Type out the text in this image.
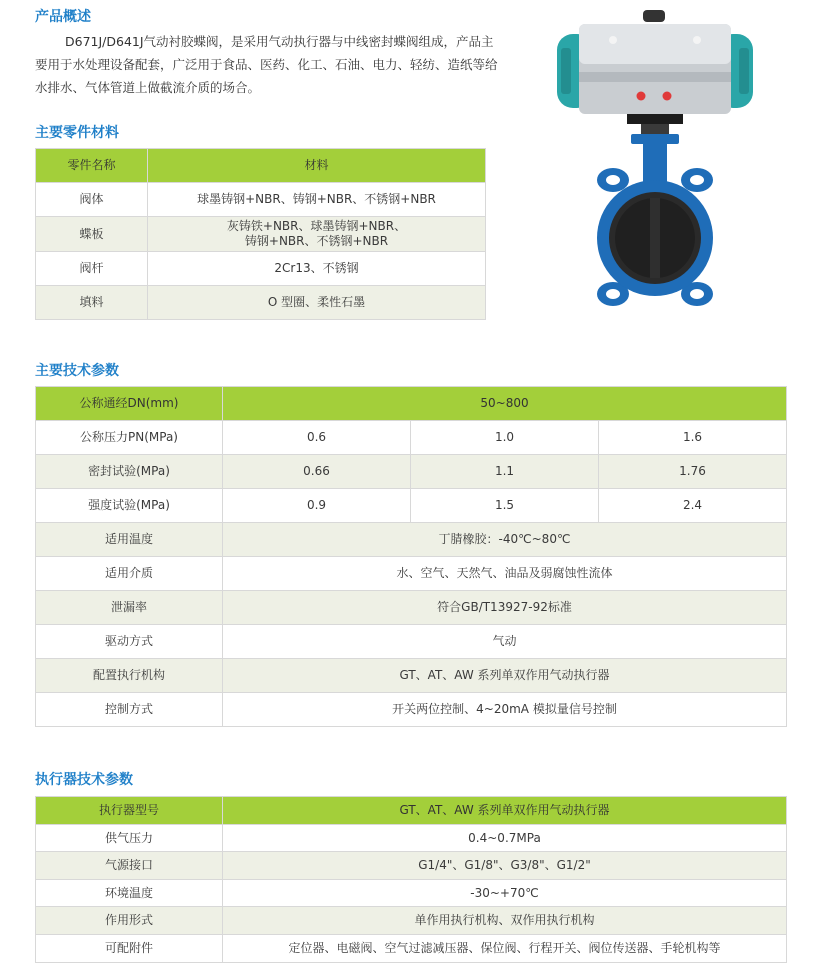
产品概述

D671J/D641J气动衬胶蝶阀，是采用气动执行器与中线密封蝶阀组成，产品主要用于水处理设备配套，广泛用于食品、医药、化工、石油、电力、轻纺、造纸等给水排水、气体管道上做截流介质的场合。

主要零件材料
零件名称	材料
阀体	球墨铸钢+NBR、铸钢+NBR、不锈钢+NBR
蝶板	灰铸铁+NBR、球墨铸钢+NBR、
铸钢+NBR、不锈钢+NBR

阀杆	2Cr13、不锈钢
填料	O 型圈、柔性石墨
主要技术参数
公称通经DN(mm)	50~800		
公称压力PN(MPa)	0.6	1.0	1.6
密封试验(MPa)	0.66	1.1	1.76
强度试验(MPa)	0.9	1.5	2.4
适用温度	丁腈橡胶：-40℃~80℃		
适用介质	水、空气、天然气、油品及弱腐蚀性流体		
泄漏率	符合GB/T13927-92标准		
驱动方式	气动		
配置执行机构	GT、AT、AW 系列单双作用气动执行器		
控制方式	开关两位控制、4~20mA 模拟量信号控制		
执行器技术参数
执行器型号	GT、AT、AW 系列单双作用气动执行器
供气压力	0.4~0.7MPa
气源接口	G1/4"、G1/8"、G3/8"、G1/2"
环境温度	-30~+70℃
作用形式	单作用执行机构、双作用执行机构
可配附件	定位器、电磁阀、空气过滤减压器、保位阀、行程开关、阀位传送器、手轮机构等
